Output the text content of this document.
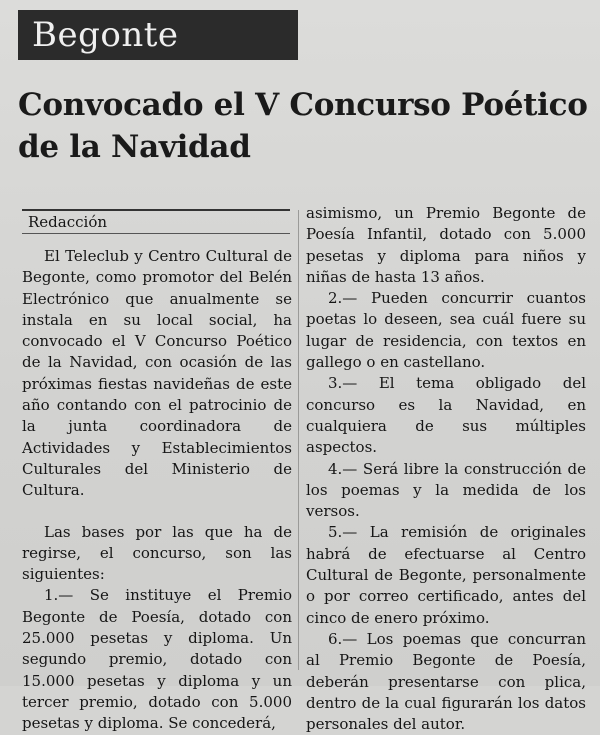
Begonte
Convocado el V Concurso Poético de la Navidad
Redacción

El Teleclub y Centro Cultural de Begonte, como promotor del Belén Electrónico que anualmente se instala en su local social, ha convocado el V Concurso Poético de la Navidad, con ocasión de las próximas fiestas navideñas de este año contando con el patrocinio de la junta coordinadora de Actividades y Establecimientos Culturales del Ministerio de Cultura.

Las bases por las que ha de regirse, el concurso, son las siguientes:

1.— Se instituye el Premio Begonte de Poesía, dotado con 25.000 pesetas y diploma. Un segundo premio, dotado con 15.000 pesetas y diploma y un tercer premio, dotado con 5.000 pesetas y diploma. Se concederá,

asimismo, un Premio Begonte de Poesía Infantil, dotado con 5.000 pesetas y diploma para niños y niñas de hasta 13 años.

2.— Pueden concurrir cuantos poetas lo deseen, sea cuál fuere su lugar de residencia, con textos en gallego o en castellano.

3.— El tema obligado del concurso es la Navidad, en cualquiera de sus múltiples aspectos.

4.— Será libre la construcción de los poemas y la medida de los versos.

5.— La remisión de originales habrá de efectuarse al Centro Cultural de Begonte, personalmente o por correo certificado, antes del cinco de enero próximo.

6.— Los poemas que concurran al Premio Begonte de Poesía, deberán presentarse con plica, dentro de la cual figurarán los datos personales del autor.
